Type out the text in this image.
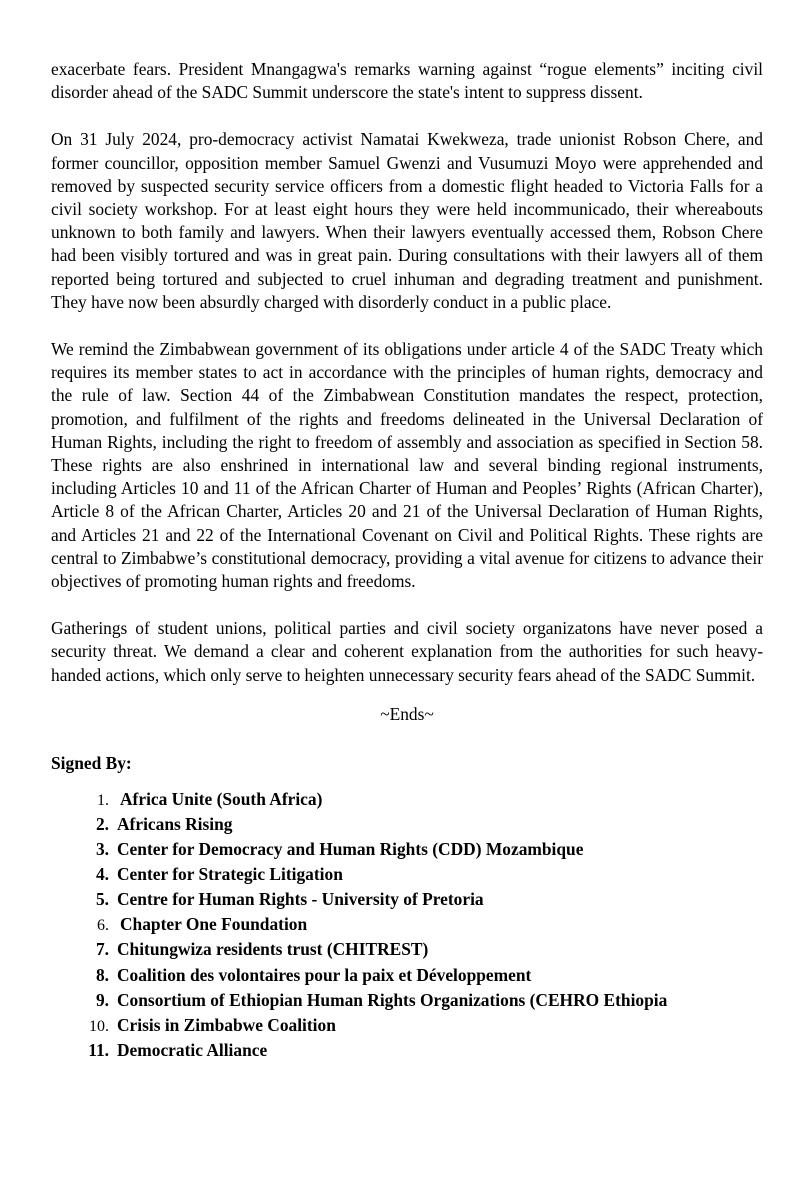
exacerbate fears. President Mnangagwa's remarks warning against “rogue elements” inciting civil disorder ahead of the SADC Summit underscore the state's intent to suppress dissent.

On 31 July 2024, pro-democracy activist Namatai Kwekweza, trade unionist Robson Chere, and former councillor, opposition member Samuel Gwenzi and Vusumuzi Moyo were apprehended and removed by suspected security service officers from a domestic flight headed to Victoria Falls for a civil society workshop. For at least eight hours they were held incommunicado, their whereabouts unknown to both family and lawyers. When their lawyers eventually accessed them, Robson Chere had been visibly tortured and was in great pain. During consultations with their lawyers all of them reported being tortured and subjected to cruel inhuman and degrading treatment and punishment. They have now been absurdly charged with disorderly conduct in a public place.

We remind the Zimbabwean government of its obligations under article 4 of the SADC Treaty which requires its member states to act in accordance with the principles of human rights, democracy and the rule of law. Section 44 of the Zimbabwean Constitution mandates the respect, protection, promotion, and fulfilment of the rights and freedoms delineated in the Universal Declaration of Human Rights, including the right to freedom of assembly and association as specified in Section 58. These rights are also enshrined in international law and several binding regional instruments, including Articles 10 and 11 of the African Charter of Human and Peoples’ Rights (African Charter), Article 8 of the African Charter, Articles 20 and 21 of the Universal Declaration of Human Rights, and Articles 21 and 22 of the International Covenant on Civil and Political Rights. These rights are central to Zimbabwe’s constitutional democracy, providing a vital avenue for citizens to advance their objectives of promoting human rights and freedoms.

Gatherings of student unions, political parties and civil society organizatons have never posed a security threat. We demand a clear and coherent explanation from the authorities for such heavy-handed actions, which only serve to heighten unnecessary security fears ahead of the SADC Summit.

~Ends~
Signed By:
1. Africa Unite (South Africa)
2. Africans Rising
3. Center for Democracy and Human Rights (CDD) Mozambique
4. Center for Strategic Litigation
5. Centre for Human Rights - University of Pretoria
6. Chapter One Foundation
7. Chitungwiza residents trust (CHITREST)
8. Coalition des volontaires pour la paix et Développement
9. Consortium of Ethiopian Human Rights Organizations (CEHRO Ethiopia
10. Crisis in Zimbabwe Coalition
11. Democratic Alliance
